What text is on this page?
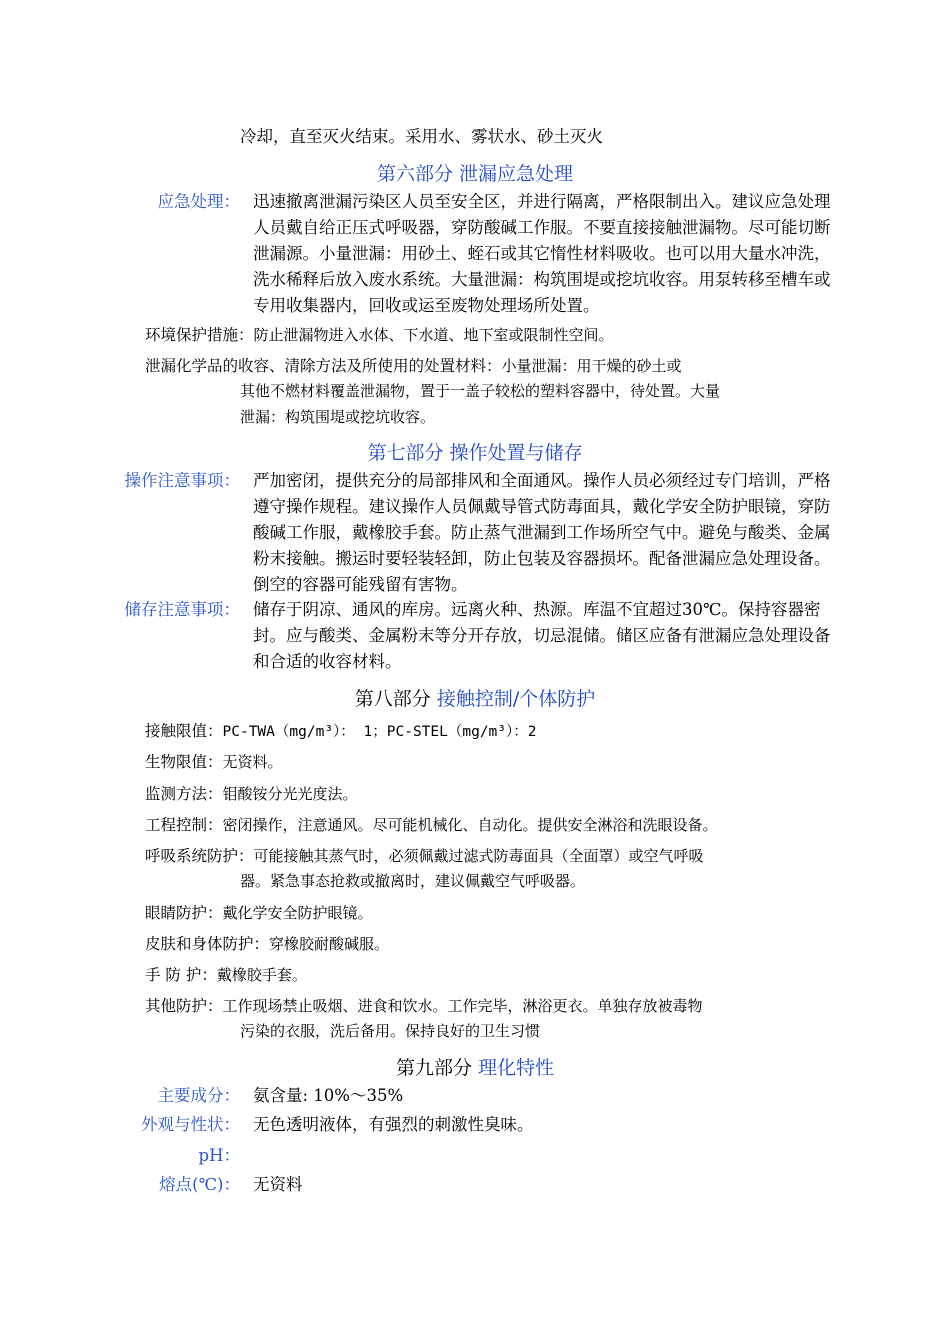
冷却，直至灭火结束。采用水、雾状水、砂土灭火
第六部分 泄漏应急处理
应急处理： 迅速撤离泄漏污染区人员至安全区，并进行隔离，严格限制出入。建议应急处理
人员戴自给正压式呼吸器，穿防酸碱工作服。不要直接接触泄漏物。尽可能切断
泄漏源。小量泄漏：用砂土、蛭石或其它惰性材料吸收。也可以用大量水冲洗，
洗水稀释后放入废水系统。大量泄漏：构筑围堤或挖坑收容。用泵转移至槽车或
专用收集器内，回收或运至废物处理场所处置。
环境保护措施：防止泄漏物进入水体、下水道、地下室或限制性空间。
泄漏化学品的收容、清除方法及所使用的处置材料：小量泄漏：用干燥的砂土或
其他不燃材料覆盖泄漏物，置于一盖子较松的塑料容器中，待处置。大量
泄漏：构筑围堤或挖坑收容。
第七部分 操作处置与储存
操作注意事项： 严加密闭，提供充分的局部排风和全面通风。操作人员必须经过专门培训，严格
遵守操作规程。建议操作人员佩戴导管式防毒面具，戴化学安全防护眼镜，穿防
酸碱工作服，戴橡胶手套。防止蒸气泄漏到工作场所空气中。避免与酸类、金属
粉末接触。搬运时要轻装轻卸，防止包装及容器损坏。配备泄漏应急处理设备。
倒空的容器可能残留有害物。
储存注意事项： 储存于阴凉、通风的库房。远离火种、热源。库温不宜超过30℃。保持容器密
封。应与酸类、金属粉末等分开存放，切忌混储。储区应备有泄漏应急处理设备
和合适的收容材料。
第八部分 接触控制/个体防护
接触限值：PC-TWA（mg/m³）： 1；PC-STEL（mg/m³）：2
生物限值：无资料。
监测方法：钼酸铵分光光度法。
工程控制：密闭操作，注意通风。尽可能机械化、自动化。提供安全淋浴和洗眼设备。
呼吸系统防护：可能接触其蒸气时，必须佩戴过滤式防毒面具（全面罩）或空气呼吸
器。紧急事态抢救或撤离时，建议佩戴空气呼吸器。
眼睛防护：戴化学安全防护眼镜。
皮肤和身体防护：穿橡胶耐酸碱服。
手 防 护：戴橡胶手套。
其他防护：工作现场禁止吸烟、进食和饮水。工作完毕，淋浴更衣。单独存放被毒物
污染的衣服，洗后备用。保持良好的卫生习惯
第九部分 理化特性
主要成分： 氨含量: 10%～35%
外观与性状： 无色透明液体，有强烈的刺激性臭味。
pH：
熔点(℃)： 无资料
